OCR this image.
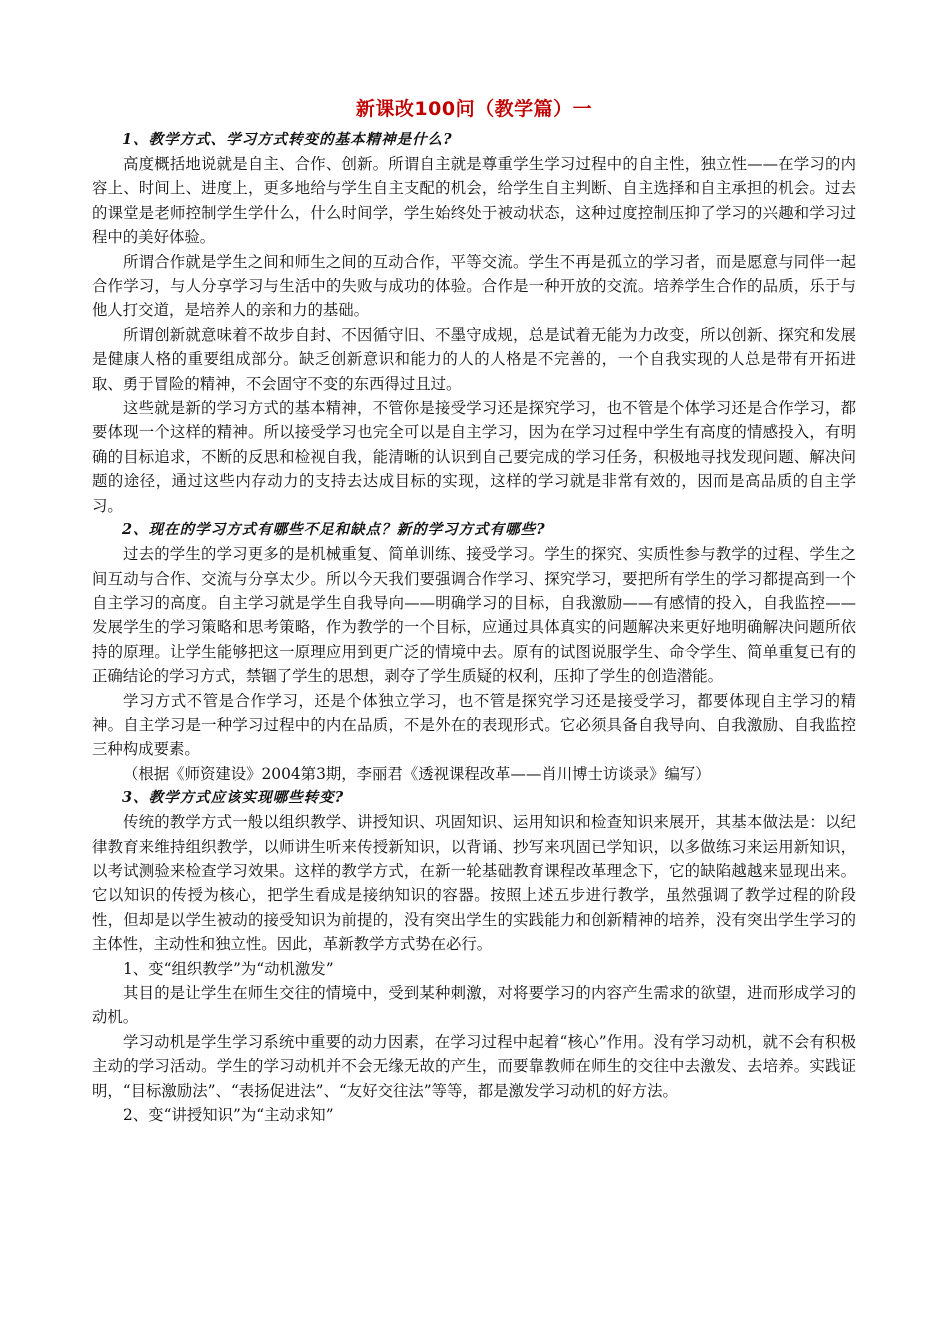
新课改100问（教学篇）一

1、教学方式、学习方式转变的基本精神是什么?

高度概括地说就是自主、合作、创新。所谓自主就是尊重学生学习过程中的自主性，独立性——在学习的内容上、时间上、进度上，更多地给与学生自主支配的机会，给学生自主判断、自主选择和自主承担的机会。过去的课堂是老师控制学生学什么，什么时间学，学生始终处于被动状态，这种过度控制压抑了学习的兴趣和学习过程中的美好体验。

所谓合作就是学生之间和师生之间的互动合作，平等交流。学生不再是孤立的学习者，而是愿意与同伴一起合作学习，与人分享学习与生活中的失败与成功的体验。合作是一种开放的交流。培养学生合作的品质，乐于与他人打交道，是培养人的亲和力的基础。

所谓创新就意味着不故步自封、不因循守旧、不墨守成规，总是试着无能为力改变，所以创新、探究和发展是健康人格的重要组成部分。缺乏创新意识和能力的人的人格是不完善的，一个自我实现的人总是带有开拓进取、勇于冒险的精神，不会固守不变的东西得过且过。

这些就是新的学习方式的基本精神，不管你是接受学习还是探究学习，也不管是个体学习还是合作学习，都要体现一个这样的精神。所以接受学习也完全可以是自主学习，因为在学习过程中学生有高度的情感投入，有明确的目标追求，不断的反思和检视自我，能清晰的认识到自己要完成的学习任务，积极地寻找发现问题、解决问题的途径，通过这些内存动力的支持去达成目标的实现，这样的学习就是非常有效的，因而是高品质的自主学习。

2、现在的学习方式有哪些不足和缺点？新的学习方式有哪些?

过去的学生的学习更多的是机械重复、简单训练、接受学习。学生的探究、实质性参与教学的过程、学生之间互动与合作、交流与分享太少。所以今天我们要强调合作学习、探究学习，要把所有学生的学习都提高到一个自主学习的高度。自主学习就是学生自我导向——明确学习的目标，自我激励——有感情的投入，自我监控——发展学生的学习策略和思考策略，作为教学的一个目标，应通过具体真实的问题解决来更好地明确解决问题所依持的原理。让学生能够把这一原理应用到更广泛的情境中去。原有的试图说服学生、命令学生、简单重复已有的正确结论的学习方式，禁锢了学生的思想，剥夺了学生质疑的权利，压抑了学生的创造潜能。

学习方式不管是合作学习，还是个体独立学习，也不管是探究学习还是接受学习，都要体现自主学习的精神。自主学习是一种学习过程中的内在品质，不是外在的表现形式。它必须具备自我导向、自我激励、自我监控三种构成要素。

（根据《师资建设》2004第3期，李丽君《透视课程改革——肖川博士访谈录》编写）

3、教学方式应该实现哪些转变?

传统的教学方式一般以组织教学、讲授知识、巩固知识、运用知识和检查知识来展开，其基本做法是：以纪律教育来维持组织教学，以师讲生听来传授新知识，以背诵、抄写来巩固已学知识，以多做练习来运用新知识，以考试测验来检查学习效果。这样的教学方式，在新一轮基础教育课程改革理念下，它的缺陷越越来显现出来。它以知识的传授为核心，把学生看成是接纳知识的容器。按照上述五步进行教学，虽然强调了教学过程的阶段性，但却是以学生被动的接受知识为前提的，没有突出学生的实践能力和创新精神的培养，没有突出学生学习的主体性，主动性和独立性。因此，革新教学方式势在必行。

1、变“组织教学”为“动机激发”

其目的是让学生在师生交往的情境中，受到某种刺激，对将要学习的内容产生需求的欲望，进而形成学习的动机。

学习动机是学生学习系统中重要的动力因素，在学习过程中起着“核心”作用。没有学习动机，就不会有积极主动的学习活动。学生的学习动机并不会无缘无故的产生，而要靠教师在师生的交往中去激发、去培养。实践证明，“目标激励法”、“表扬促进法”、“友好交往法”等等，都是激发学习动机的好方法。

2、变“讲授知识”为“主动求知”
